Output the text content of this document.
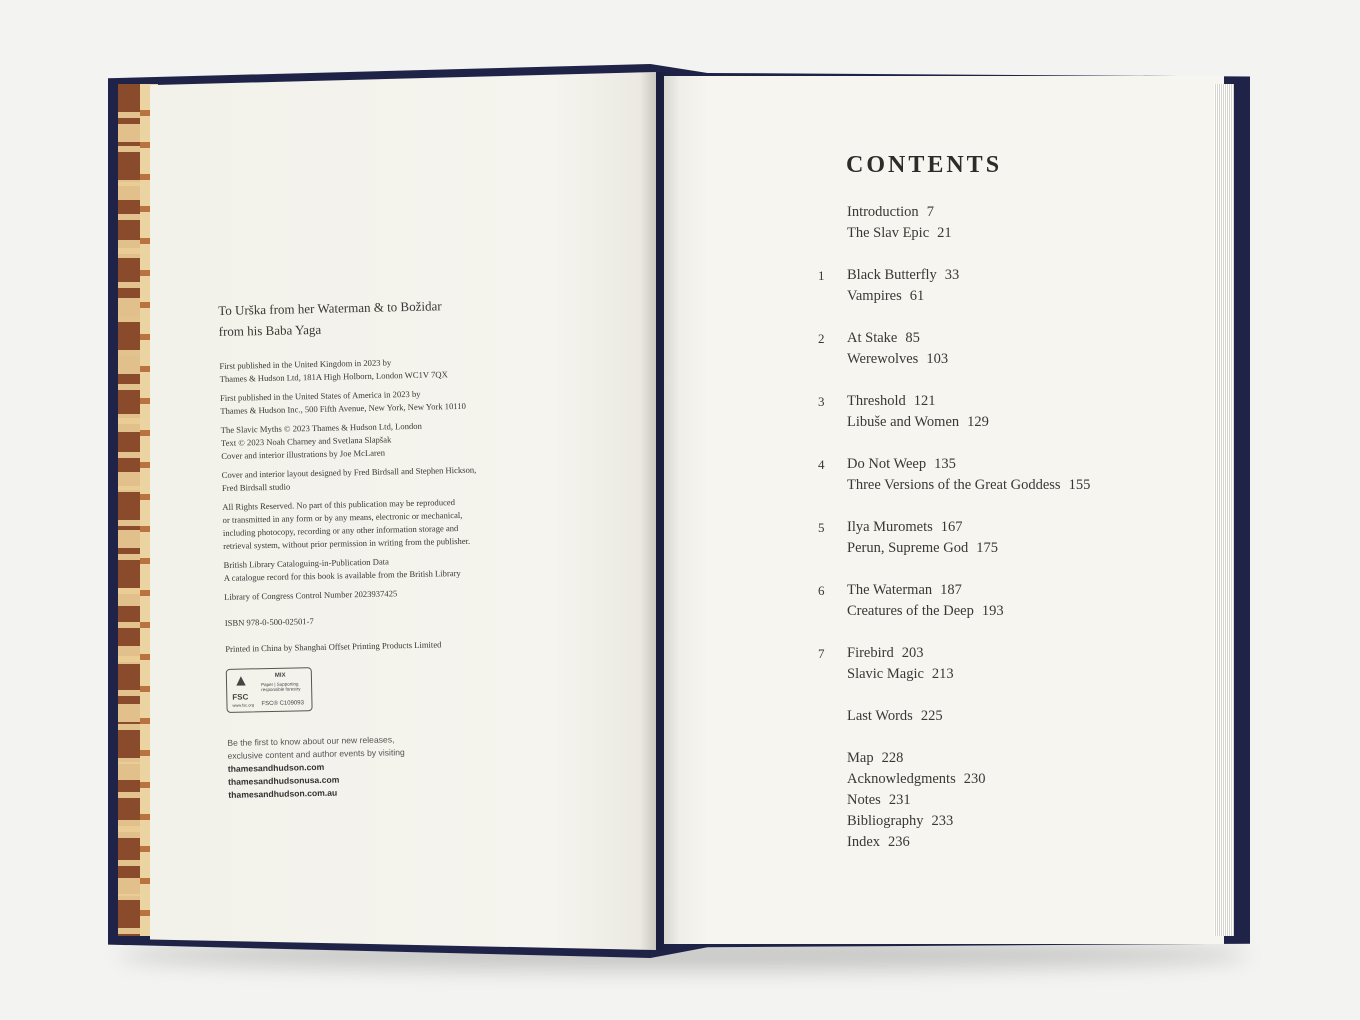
To Urška from her Waterman & to Božidar
from his Baba Yaga

First published in the United Kingdom in 2023 by
Thames & Hudson Ltd, 181A High Holborn, London WC1V 7QX

First published in the United States of America in 2023 by
Thames & Hudson Inc., 500 Fifth Avenue, New York, New York 10110

The Slavic Myths © 2023 Thames & Hudson Ltd, London
Text © 2023 Noah Charney and Svetlana Slapšak
Cover and interior illustrations by Joe McLaren

Cover and interior layout designed by Fred Birdsall and Stephen Hickson,
Fred Birdsall studio

All Rights Reserved. No part of this publication may be reproduced
or transmitted in any form or by any means, electronic or mechanical,
including photocopy, recording or any other information storage and
retrieval system, without prior permission in writing from the publisher.

British Library Cataloguing-in-Publication Data
A catalogue record for this book is available from the British Library

Library of Congress Control Number 2023937425

ISBN 978-0-500-02501-7

Printed in China by Shanghai Offset Printing Products Limited

▲
FSC
www.fsc.org
MIX
Paper | Supporting responsible forestry
FSC® C109093
Be the first to know about our new releases,
exclusive content and author events by visiting
thamesandhudson.com
thamesandhudsonusa.com
thamesandhudson.com.au
CONTENTS
Introduction 7
The Slav Epic 21
1	Black Butterfly 33
Vampires 61
2	At Stake 85
Werewolves 103
3	Threshold 121
Libuše and Women 129
4	Do Not Weep 135
Three Versions of the Great Goddess 155
5	Ilya Muromets 167
Perun, Supreme God 175
6	The Waterman 187
Creatures of the Deep 193
7	Firebird 203
Slavic Magic 213
Last Words 225
Map 228
Acknowledgments 230
Notes 231
Bibliography 233
Index 236
